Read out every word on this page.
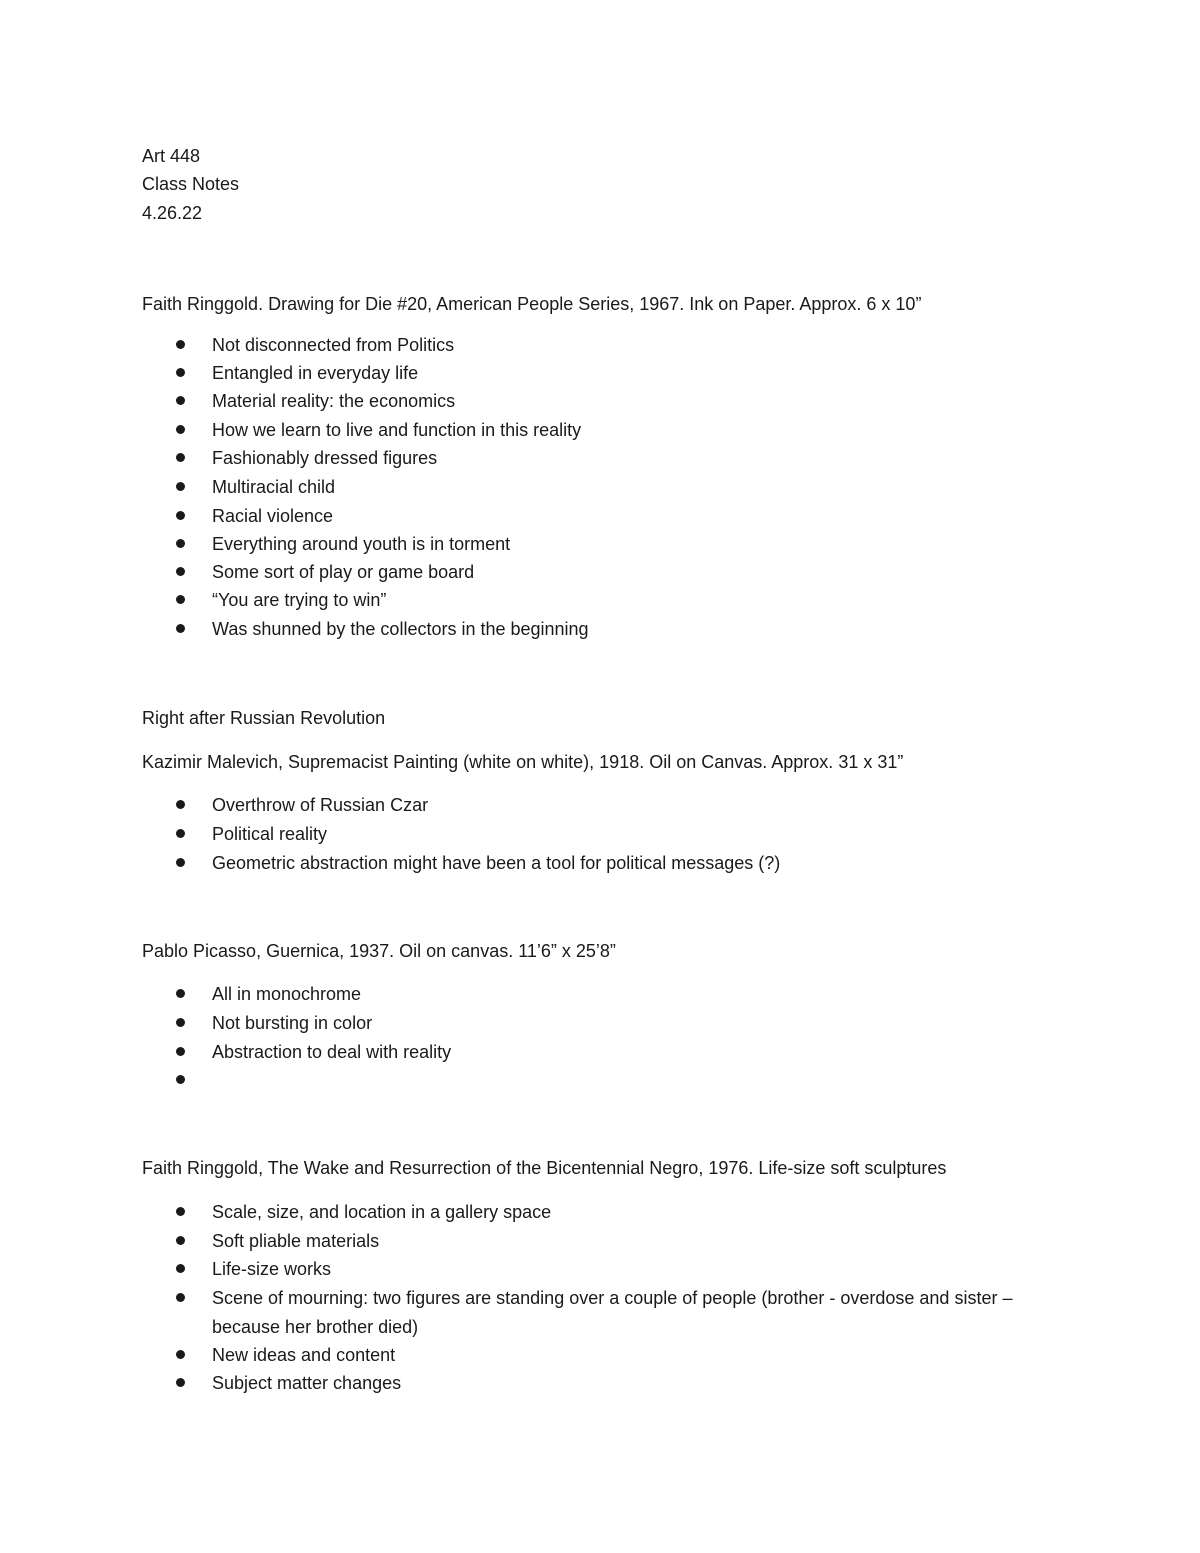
Art 448
Class Notes
4.26.22
Faith Ringgold. Drawing for Die #20, American People Series, 1967. Ink on Paper. Approx. 6 x 10”
Not disconnected from Politics
Entangled in everyday life
Material reality: the economics
How we learn to live and function in this reality
Fashionably dressed figures
Multiracial child
Racial violence
Everything around youth is in torment
Some sort of play or game board
“You are trying to win”
Was shunned by the collectors in the beginning
Right after Russian Revolution
Kazimir Malevich, Supremacist Painting (white on white), 1918. Oil on Canvas. Approx. 31 x 31”
Overthrow of Russian Czar
Political reality
Geometric abstraction might have been a tool for political messages (?)
Pablo Picasso, Guernica, 1937. Oil on canvas. 11’6” x 25’8”
All in monochrome
Not bursting in color
Abstraction to deal with reality
Faith Ringgold, The Wake and Resurrection of the Bicentennial Negro, 1976. Life-size soft sculptures
Scale, size, and location in a gallery space
Soft pliable materials
Life-size works
Scene of mourning: two figures are standing over a couple of people (brother - overdose and sister – because her brother died)
New ideas and content
Subject matter changes
